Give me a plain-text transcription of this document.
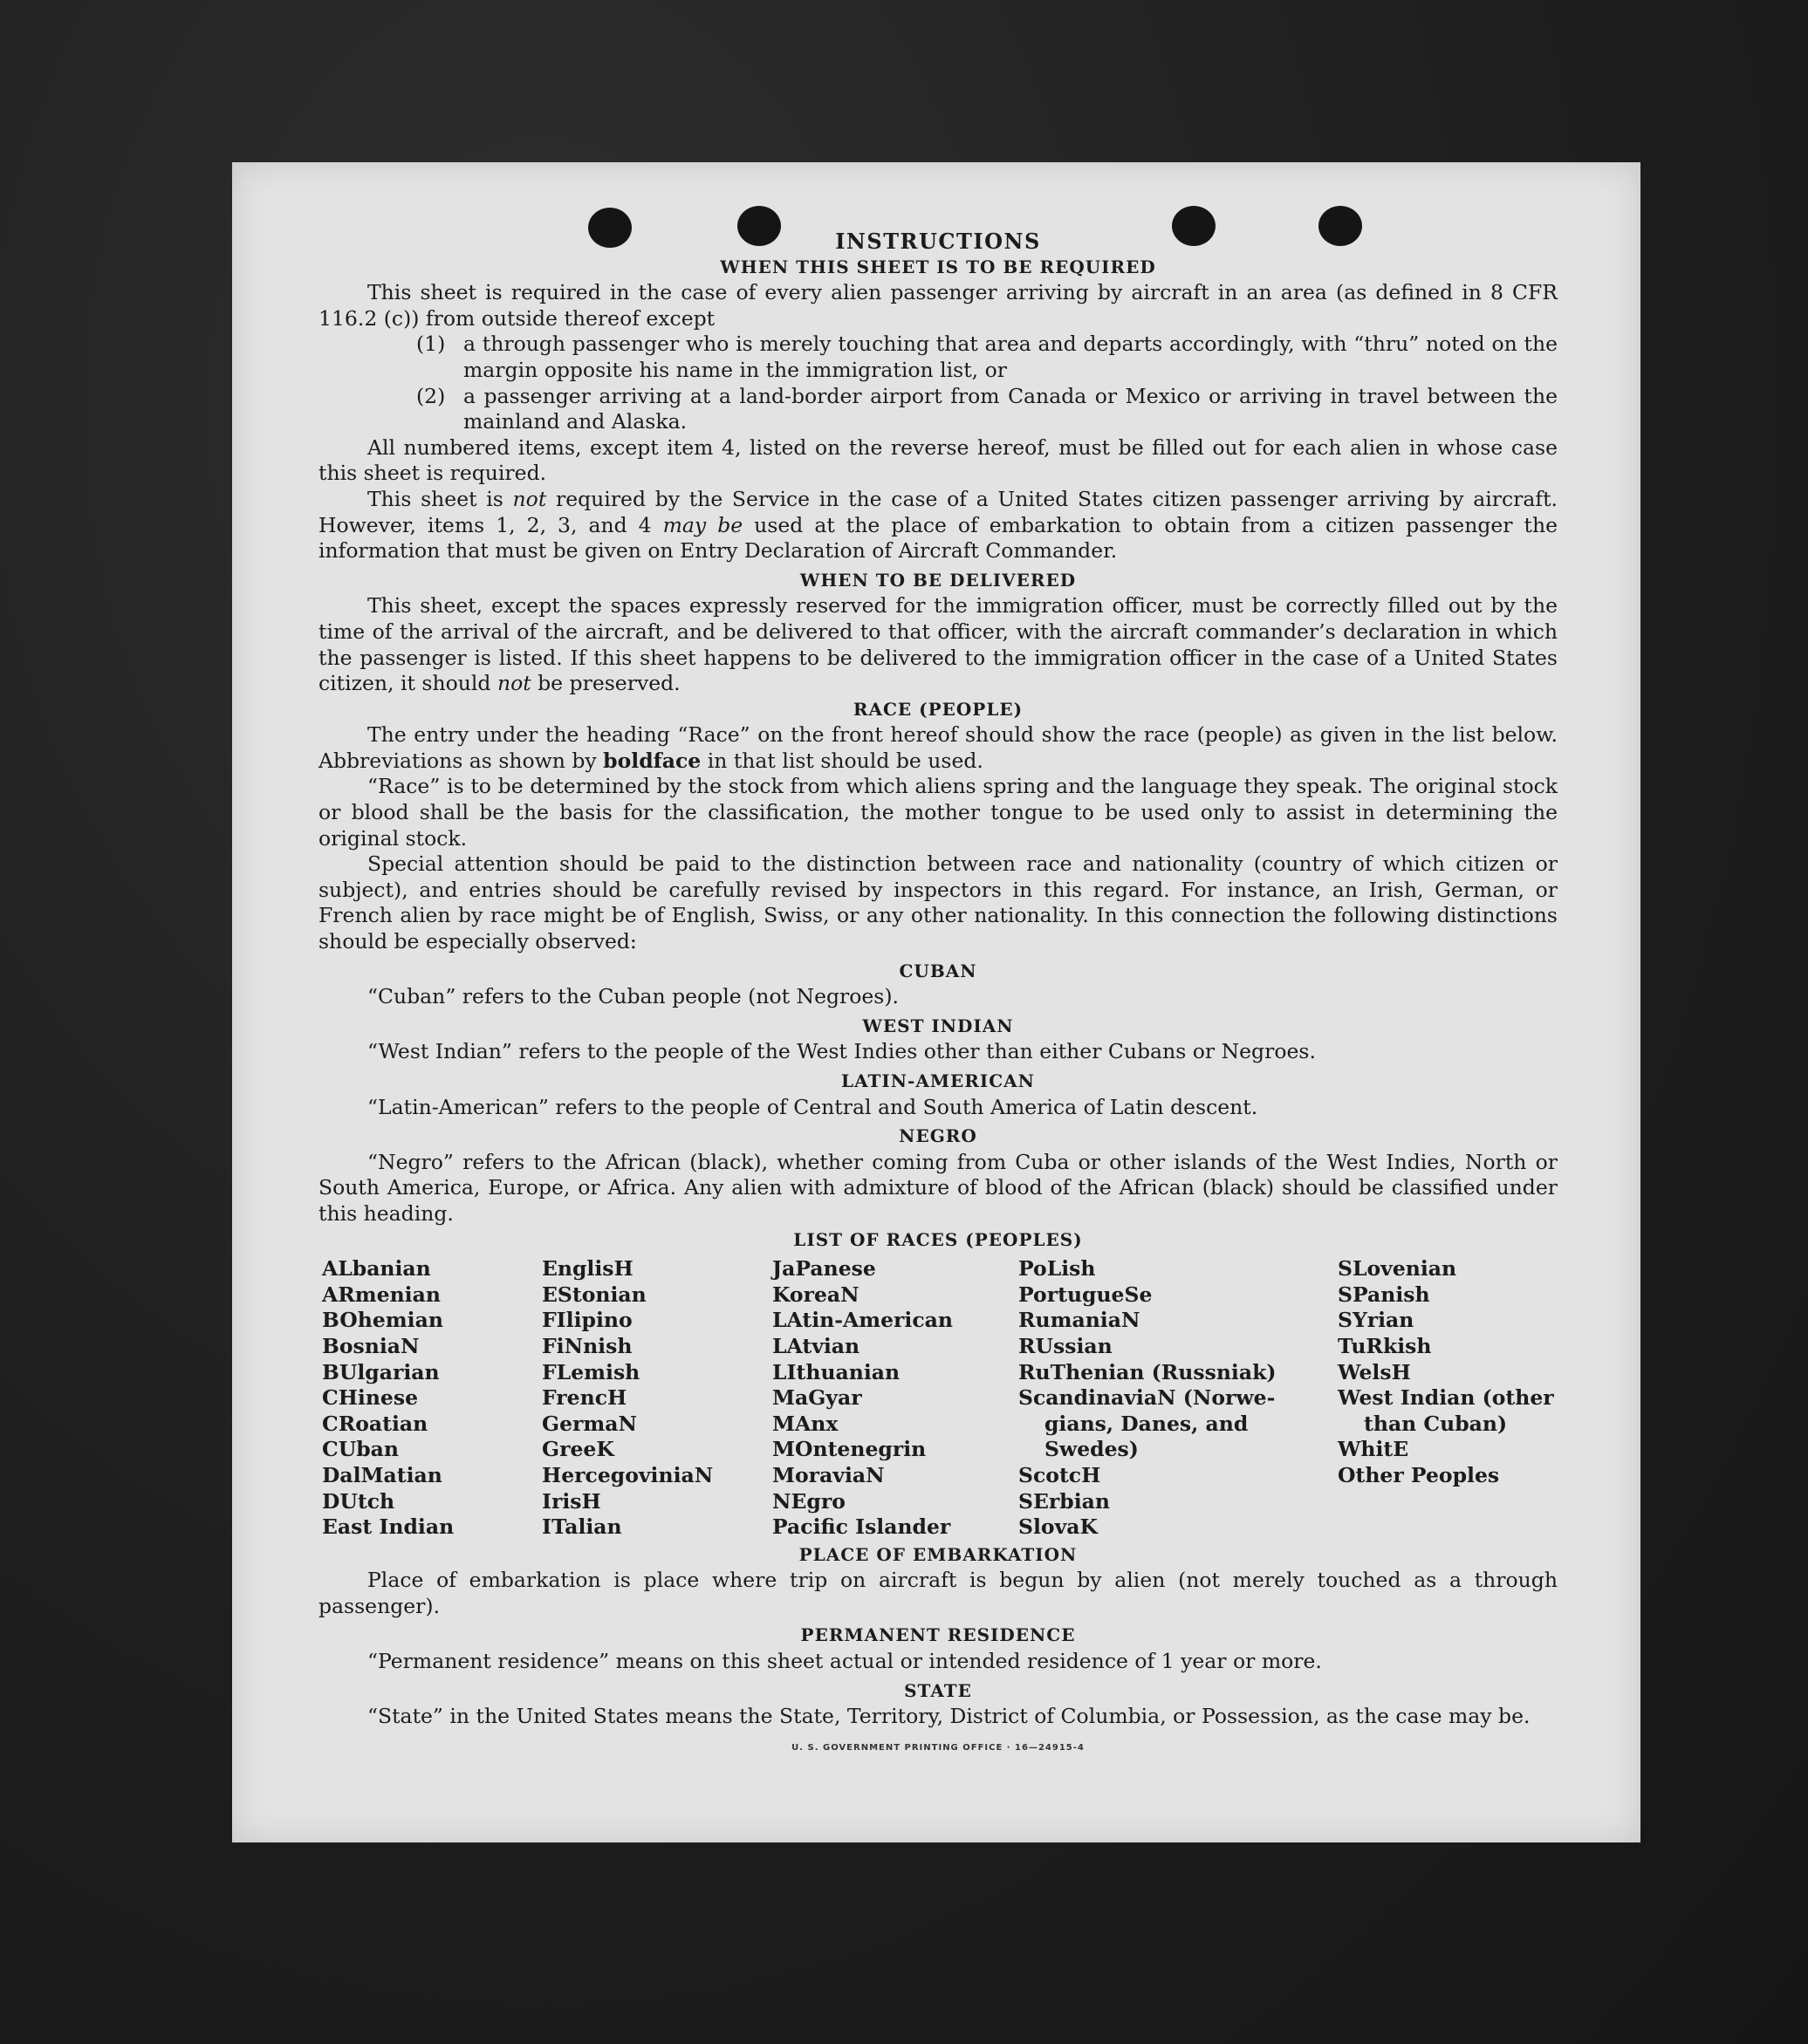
INSTRUCTIONS
WHEN THIS SHEET IS TO BE REQUIRED

This sheet is required in the case of every alien passenger arriving by aircraft in an area (as defined in 8 CFR 116.2 (c)) from outside thereof except

(1) a through passenger who is merely touching that area and departs accordingly, with “thru” noted on the margin opposite his name in the immigration list, or
(2) a passenger arriving at a land-border airport from Canada or Mexico or arriving in travel between the mainland and Alaska.

All numbered items, except item 4, listed on the reverse hereof, must be filled out for each alien in whose case this sheet is required.

This sheet is not required by the Service in the case of a United States citizen passenger arriving by aircraft. However, items 1, 2, 3, and 4 may be used at the place of embarkation to obtain from a citizen passenger the information that must be given on Entry Declaration of Aircraft Commander.

WHEN TO BE DELIVERED

This sheet, except the spaces expressly reserved for the immigration officer, must be correctly filled out by the time of the arrival of the aircraft, and be delivered to that officer, with the aircraft commander’s declaration in which the passenger is listed. If this sheet happens to be delivered to the immigration officer in the case of a United States citizen, it should not be preserved.

RACE (PEOPLE)

The entry under the heading “Race” on the front hereof should show the race (people) as given in the list below. Abbreviations as shown by boldface in that list should be used.

“Race” is to be determined by the stock from which aliens spring and the language they speak. The original stock or blood shall be the basis for the classification, the mother tongue to be used only to assist in determining the original stock.

Special attention should be paid to the distinction between race and nationality (country of which citizen or subject), and entries should be carefully revised by inspectors in this regard. For instance, an Irish, German, or French alien by race might be of English, Swiss, or any other nationality. In this connection the following distinctions should be especially observed:

CUBAN

“Cuban” refers to the Cuban people (not Negroes).

WEST INDIAN

“West Indian” refers to the people of the West Indies other than either Cubans or Negroes.

LATIN-AMERICAN

“Latin-American” refers to the people of Central and South America of Latin descent.

NEGRO

“Negro” refers to the African (black), whether coming from Cuba or other islands of the West Indies, North or South America, Europe, or Africa. Any alien with admixture of blood of the African (black) should be classified under this heading.

LIST OF RACES (PEOPLES)
ALbanian
ARmenian
BOhemian
BosniaN
BUlgarian
CHinese
CRoatian
CUban
DalMatian
DUtch
East Indian
EnglisH
EStonian
FIlipino
FiNnish
FLemish
FrencH
GermaN
GreeK
HercegoviniaN
IrisH
ITalian
JaPanese
KoreaN
LAtin-American
LAtvian
LIthuanian
MaGyar
MAnx
MOntenegrin
MoraviaN
NEgro
Pacific Islander
PoLish
PortugueSe
RumaniaN
RUssian
RuThenian (Russniak)
ScandinaviaN (Norwe-
gians, Danes, and
Swedes)
ScotcH
SErbian
SlovaK
SLovenian
SPanish
SYrian
TuRkish
WelsH
West Indian (other
than Cuban)
WhitE
Other Peoples
PLACE OF EMBARKATION

Place of embarkation is place where trip on aircraft is begun by alien (not merely touched as a through passenger).

PERMANENT RESIDENCE

“Permanent residence” means on this sheet actual or intended residence of 1 year or more.

STATE

“State” in the United States means the State, Territory, District of Columbia, or Possession, as the case may be.

U. S. GOVERNMENT PRINTING OFFICE · 16—24915-4
